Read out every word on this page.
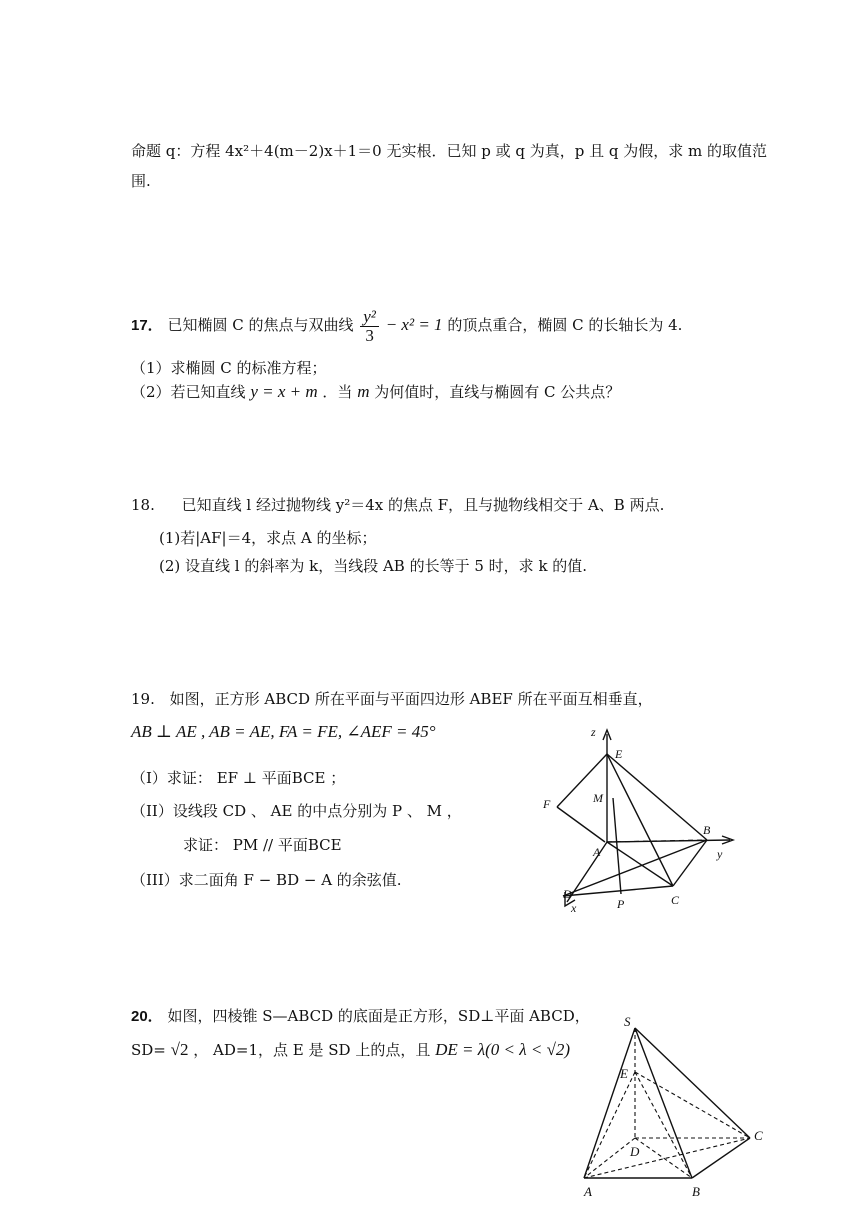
命题 q：方程 4x²＋4(m－2)x＋1＝0 无实根．已知 p 或 q 为真，p 且 q 为假，求 m 的取值范
围.
17． 已知椭圆 C 的焦点与双曲线 $\frac{\text{y²}}{3} - x^2 = 1$ 的顶点重合，椭圆 C 的长轴长为 4.
（1）求椭圆 C 的标准方程；
（2）若已知直线 y = x + m ．当 m 为何值时，直线与椭圆有 C 公共点？
18. 已知直线 l 经过抛物线 y²＝4x 的焦点 F，且与抛物线相交于 A、B 两点.
(1)若|AF|＝4，求点 A 的坐标；
(2) 设直线 l 的斜率为 k，当线段 AB 的长等于 5 时，求 k 的值.
19. 如图，正方形 ABCD 所在平面与平面四边形 ABEF 所在平面互相垂直，
AB ⊥ AE , AB = AE, FA = FE, ∠AEF = 45°
（I）求证： EF ⊥ 平面BCE ；
（II）设线段 CD 、 AE 的中点分别为 P 、 M ，
求证： PM // 平面BCE
（III）求二面角 F − BD − A 的余弦值.
z
E
M
F
A
B
y
D
x	P	C
20． 如图，四棱锥 S—ABCD 的底面是正方形，SD⊥平面 ABCD，
SD= √2 ， AD=1，点 E 是 SD 上的点，且 DE = λ(0 < λ < √2)
S
E
D
C
A	B
